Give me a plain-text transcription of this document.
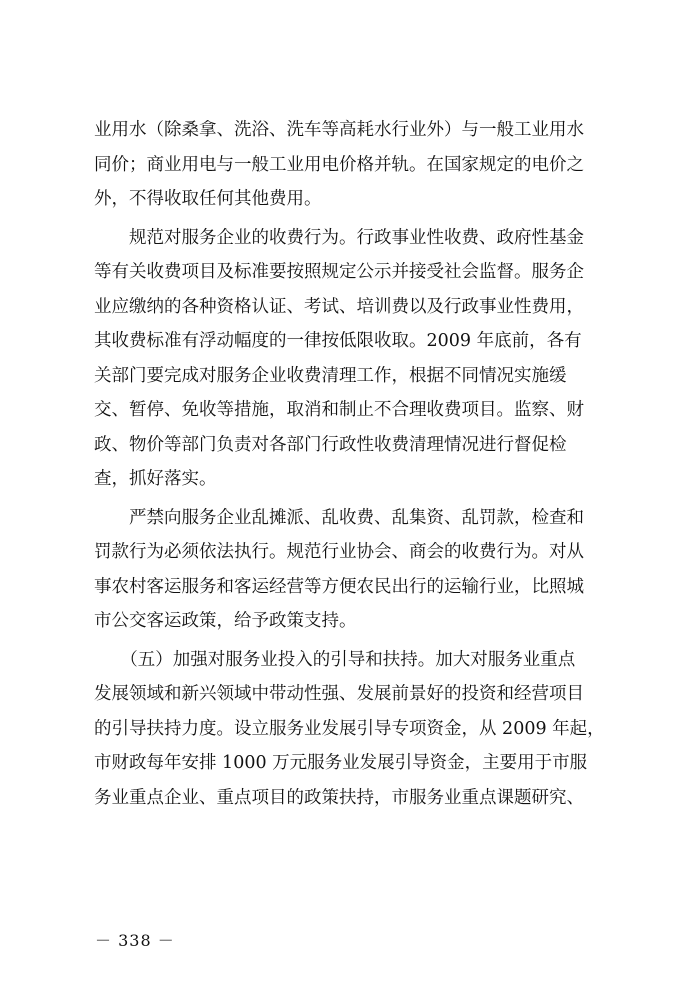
业用水（除桑拿、洗浴、洗车等高耗水行业外）与一般工业用水
同价；商业用电与一般工业用电价格并轨。在国家规定的电价之
外，不得收取任何其他费用。
　　规范对服务企业的收费行为。行政事业性收费、政府性基金
等有关收费项目及标准要按照规定公示并接受社会监督。服务企
业应缴纳的各种资格认证、考试、培训费以及行政事业性费用，
其收费标准有浮动幅度的一律按低限收取。2009 年底前，各有
关部门要完成对服务企业收费清理工作，根据不同情况实施缓
交、暂停、免收等措施，取消和制止不合理收费项目。监察、财
政、物价等部门负责对各部门行政性收费清理情况进行督促检
查，抓好落实。
　　严禁向服务企业乱摊派、乱收费、乱集资、乱罚款，检查和
罚款行为必须依法执行。规范行业协会、商会的收费行为。对从
事农村客运服务和客运经营等方便农民出行的运输行业，比照城
市公交客运政策，给予政策支持。
　　（五）加强对服务业投入的引导和扶持。加大对服务业重点
发展领域和新兴领域中带动性强、发展前景好的投资和经营项目
的引导扶持力度。设立服务业发展引导专项资金，从 2009 年起，
市财政每年安排 1000 万元服务业发展引导资金，主要用于市服
务业重点企业、重点项目的政策扶持，市服务业重点课题研究、
－ 338 －
